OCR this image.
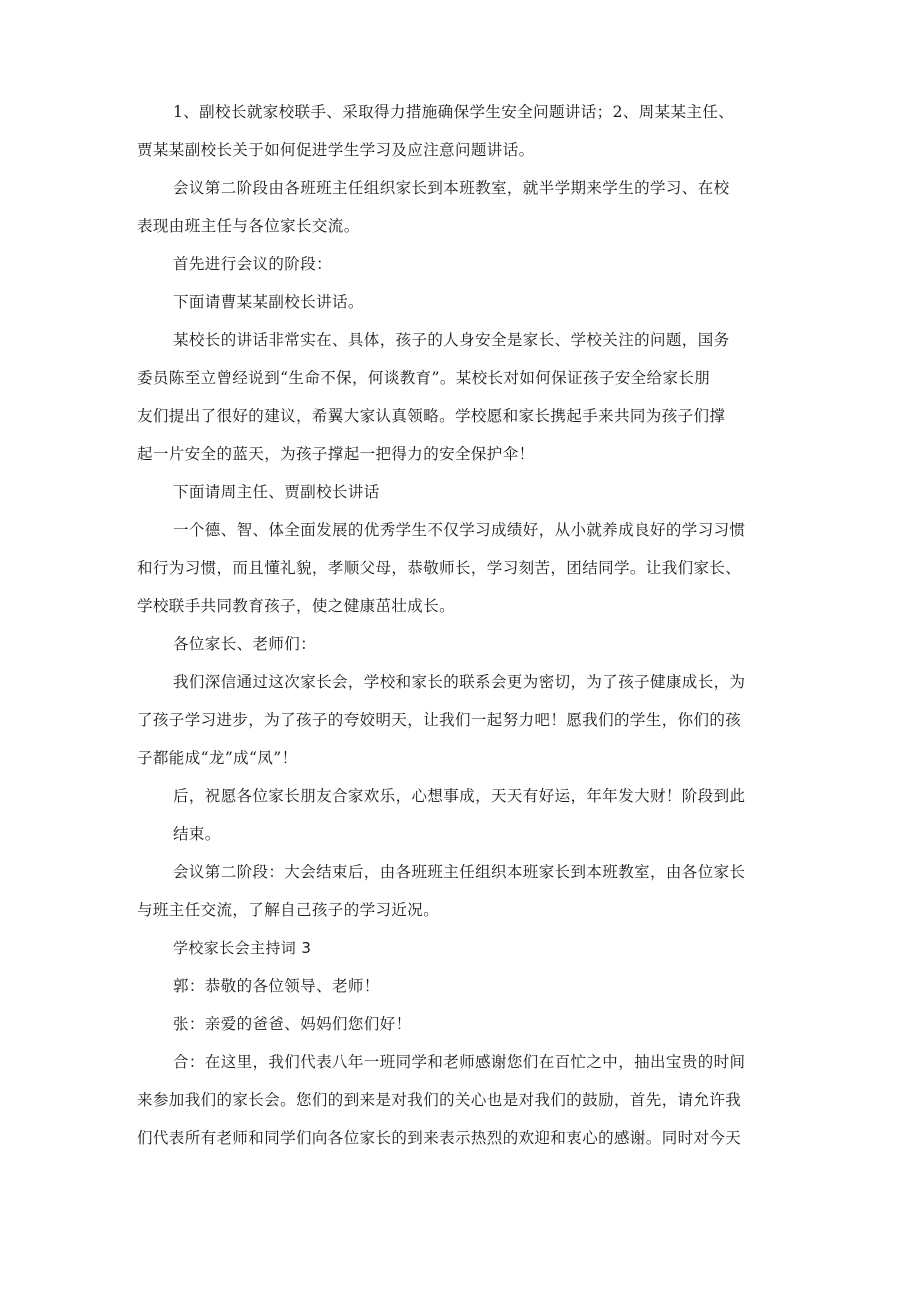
1、副校长就家校联手、采取得力措施确保学生安全问题讲话；2、周某某主任、
贾某某副校长关于如何促进学生学习及应注意问题讲话。
会议第二阶段由各班班主任组织家长到本班教室，就半学期来学生的学习、在校
表现由班主任与各位家长交流。
首先进行会议的阶段：
下面请曹某某副校长讲话。
某校长的讲话非常实在、具体，孩子的人身安全是家长、学校关注的问题，国务
委员陈至立曾经说到“生命不保，何谈教育”。某校长对如何保证孩子安全给家长朋
友们提出了很好的建议，希翼大家认真领略。学校愿和家长携起手来共同为孩子们撑
起一片安全的蓝天，为孩子撑起一把得力的安全保护伞！
下面请周主任、贾副校长讲话
一个德、智、体全面发展的优秀学生不仅学习成绩好，从小就养成良好的学习习惯
和行为习惯，而且懂礼貌，孝顺父母，恭敬师长，学习刻苦，团结同学。让我们家长、
学校联手共同教育孩子，使之健康茁壮成长。
各位家长、老师们：
我们深信通过这次家长会，学校和家长的联系会更为密切，为了孩子健康成长，为
了孩子学习进步，为了孩子的夸姣明天，让我们一起努力吧！愿我们的学生，你们的孩
子都能成“龙”成“凤”！
后，祝愿各位家长朋友合家欢乐，心想事成，天天有好运，年年发大财！阶段到此
结束。
会议第二阶段：大会结束后，由各班班主任组织本班家长到本班教室，由各位家长
与班主任交流，了解自己孩子的学习近况。
学校家长会主持词 3
郭：恭敬的各位领导、老师！
张：亲爱的爸爸、妈妈们您们好！
合：在这里，我们代表八年一班同学和老师感谢您们在百忙之中，抽出宝贵的时间
来参加我们的家长会。您们的到来是对我们的关心也是对我们的鼓励，首先，请允许我
们代表所有老师和同学们向各位家长的到来表示热烈的欢迎和衷心的感谢。同时对今天
